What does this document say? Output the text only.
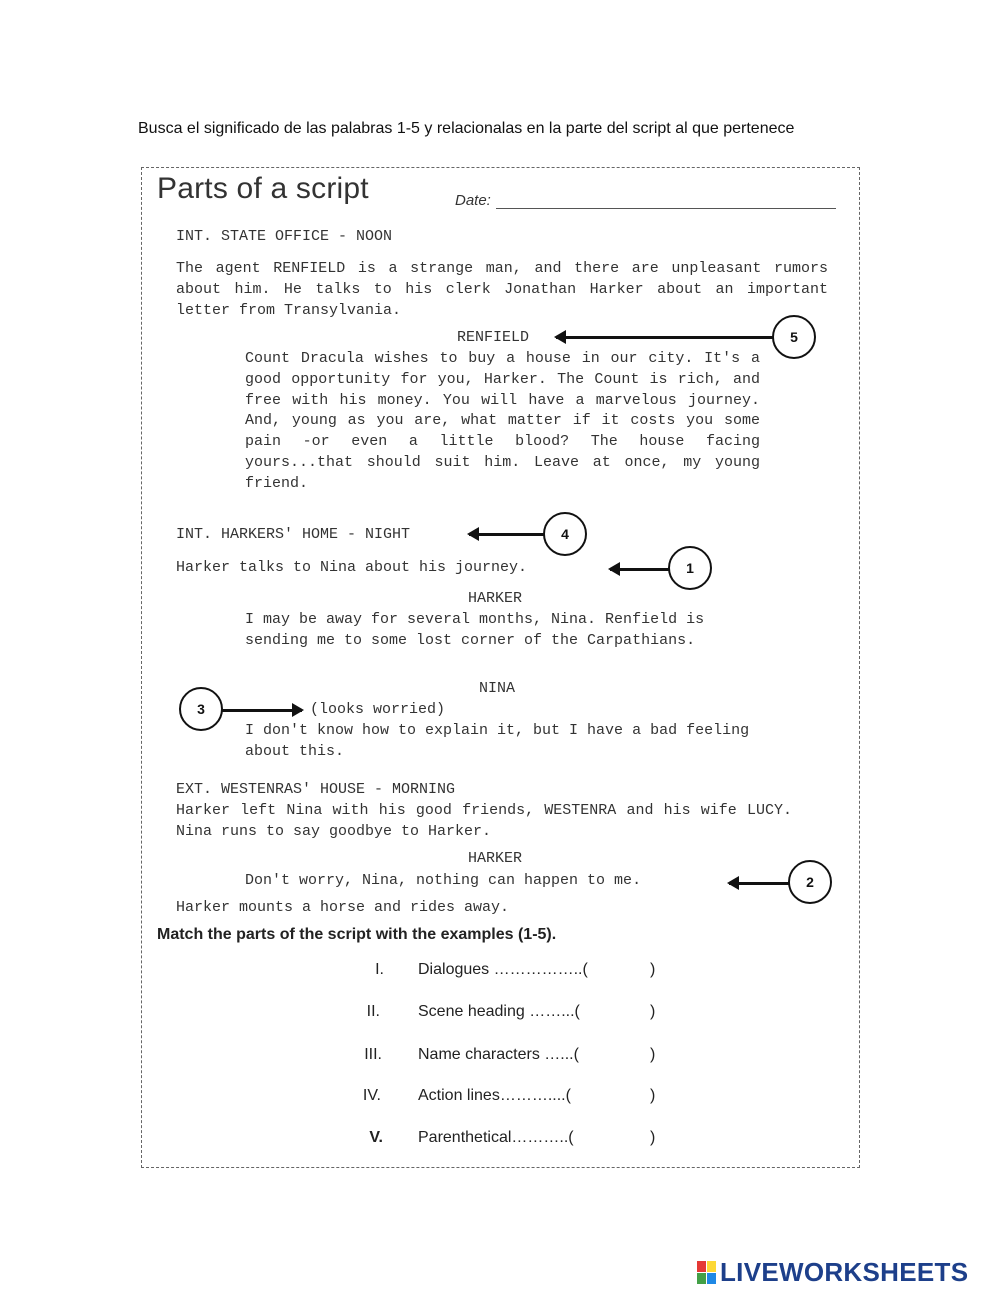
Busca el significado de las palabras 1-5 y relacionalas en la parte del script al que pertenece
Parts of a script	Date:
INT. STATE OFFICE - NOON
The agent RENFIELD is a strange man, and there are unpleasant rumors about him. He talks to his clerk Jonathan Harker about an important letter from Transylvania.
RENFIELD
Count Dracula wishes to buy a house in our city. It's a good opportunity for you, Harker. The Count is rich, and free with his money. You will have a marvelous journey. And, young as you are, what matter if it costs you some pain -or even a little blood? The house facing yours...that should suit him. Leave at once, my young friend.
INT. HARKERS' HOME - NIGHT
Harker talks to Nina about his journey.
HARKER
I may be away for several months, Nina. Renfield is sending me to some lost corner of the Carpathians.
NINA
(looks worried)
I don't know how to explain it, but I have a bad feeling about this.
EXT. WESTENRAS' HOUSE - MORNING
Harker left Nina with his good friends, WESTENRA and his wife LUCY. Nina runs to say goodbye to Harker.
HARKER
Don't worry, Nina, nothing can happen to me.
Harker mounts a horse and rides away.
5
4
1
3
2
Match the parts of the script with the examples (1-5).
I. Dialogues ……………..(	)
II. Scene heading ……...(	)
III. Name characters …...(	)
IV. Action lines………....(	)
V. Parenthetical………..(	)
LIVEWORKSHEETS
